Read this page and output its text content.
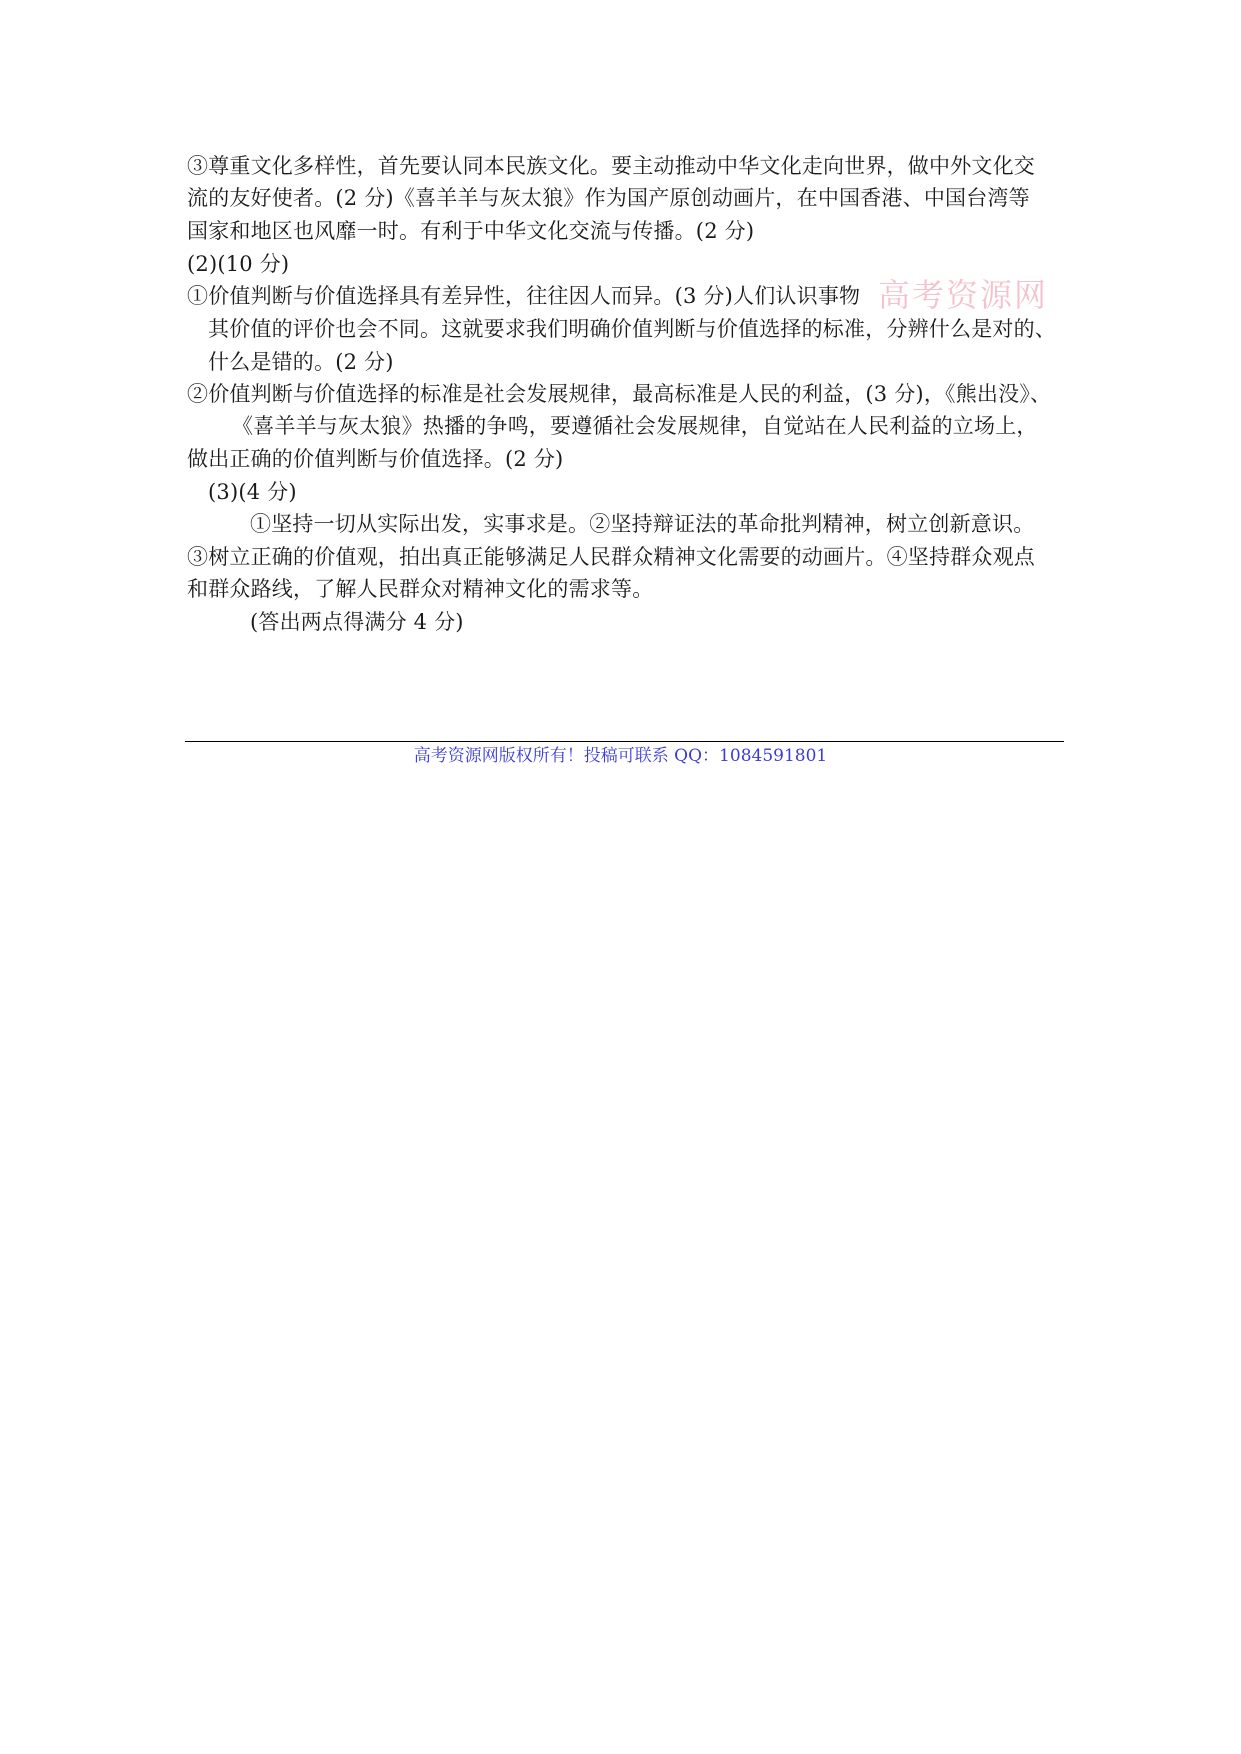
③尊重文化多样性，首先要认同本民族文化。要主动推动中华文化走向世界，做中外文化交
流的友好使者。(2 分)《喜羊羊与灰太狼》作为国产原创动画片，在中国香港、中国台湾等
国家和地区也风靡一时。有利于中华文化交流与传播。(2 分)
(2)(10 分)
①价值判断与价值选择具有差异性，往往因人而异。(3 分)人们认识事物 高考资源网
其价值的评价也会不同。这就要求我们明确价值判断与价值选择的标准，分辨什么是对的、
什么是错的。(2 分)
②价值判断与价值选择的标准是社会发展规律，最高标准是人民的利益，(3 分)，《熊出没》、
《喜羊羊与灰太狼》热播的争鸣，要遵循社会发展规律，自觉站在人民利益的立场上，
做出正确的价值判断与价值选择。(2 分)
(3)(4 分)
①坚持一切从实际出发，实事求是。②坚持辩证法的革命批判精神，树立创新意识。
③树立正确的价值观，拍出真正能够满足人民群众精神文化需要的动画片。④坚持群众观点
和群众路线，了解人民群众对精神文化的需求等。
(答出两点得满分 4 分)
高考资源网版权所有！投稿可联系 QQ：1084591801
